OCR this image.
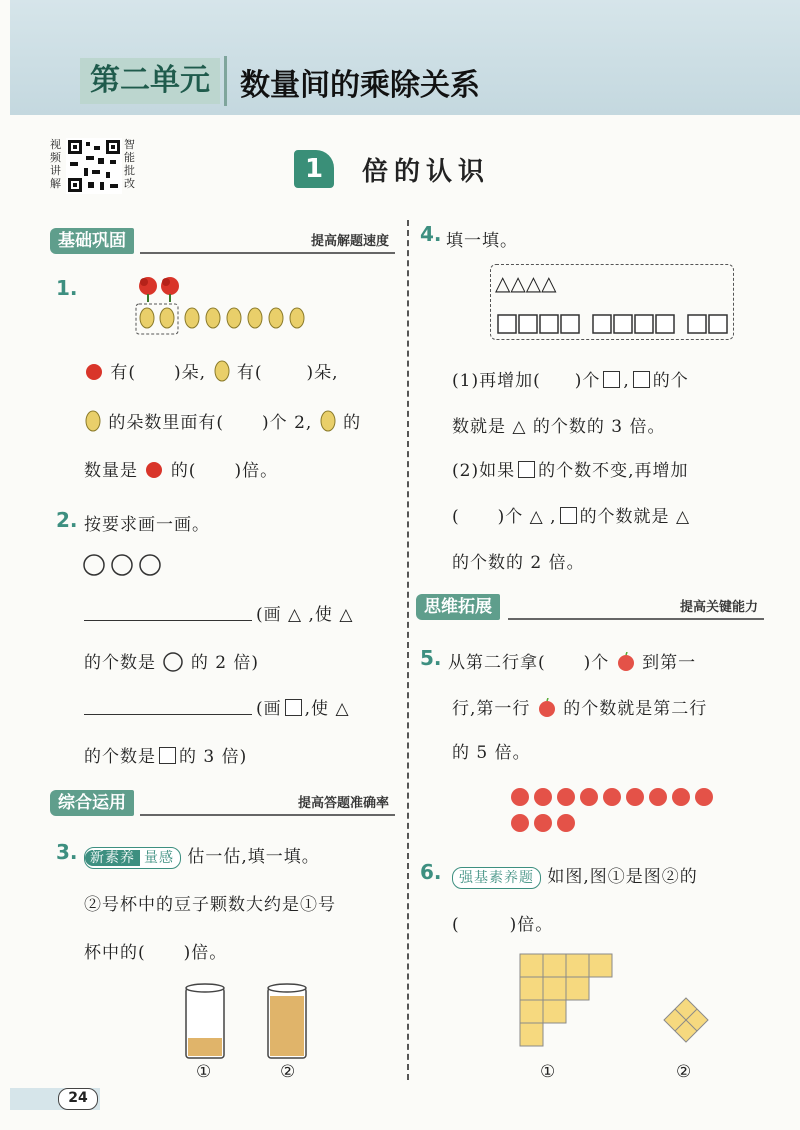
第二单元	数量间的乘除关系
视频讲解
智能批改	1	倍的认识
基础巩固	提高解题速度
1.
有( )朵, 有(	)朵,
的朵数里面有( )个 2, 的
数量是 的( )倍。
2. 按要求画一画。
(画 △ ,使 △
的个数是 的 2 倍)
(画 ,使 △
的个数是 的 3 倍)
综合运用	提高答题准确率
3. 新素养 量感 估一估,填一填。
②号杯中的豆子颗数大约是①号
杯中的( )倍。
①	②
4. 填一填。
△△△△
(1)再增加( )个 , 的个
数就是 △ 的个数的 3 倍。
(2)如果 的个数不变,再增加
( )个 △ , 的个数就是 △
的个数的 2 倍。
思维拓展	提高关键能力
5. 从第二行拿( )个 到第一
行,第一行 的个数就是第二行
的 5 倍。
6.	强基素养题 如图,图①是图②的
(	)倍。
①	②
24
